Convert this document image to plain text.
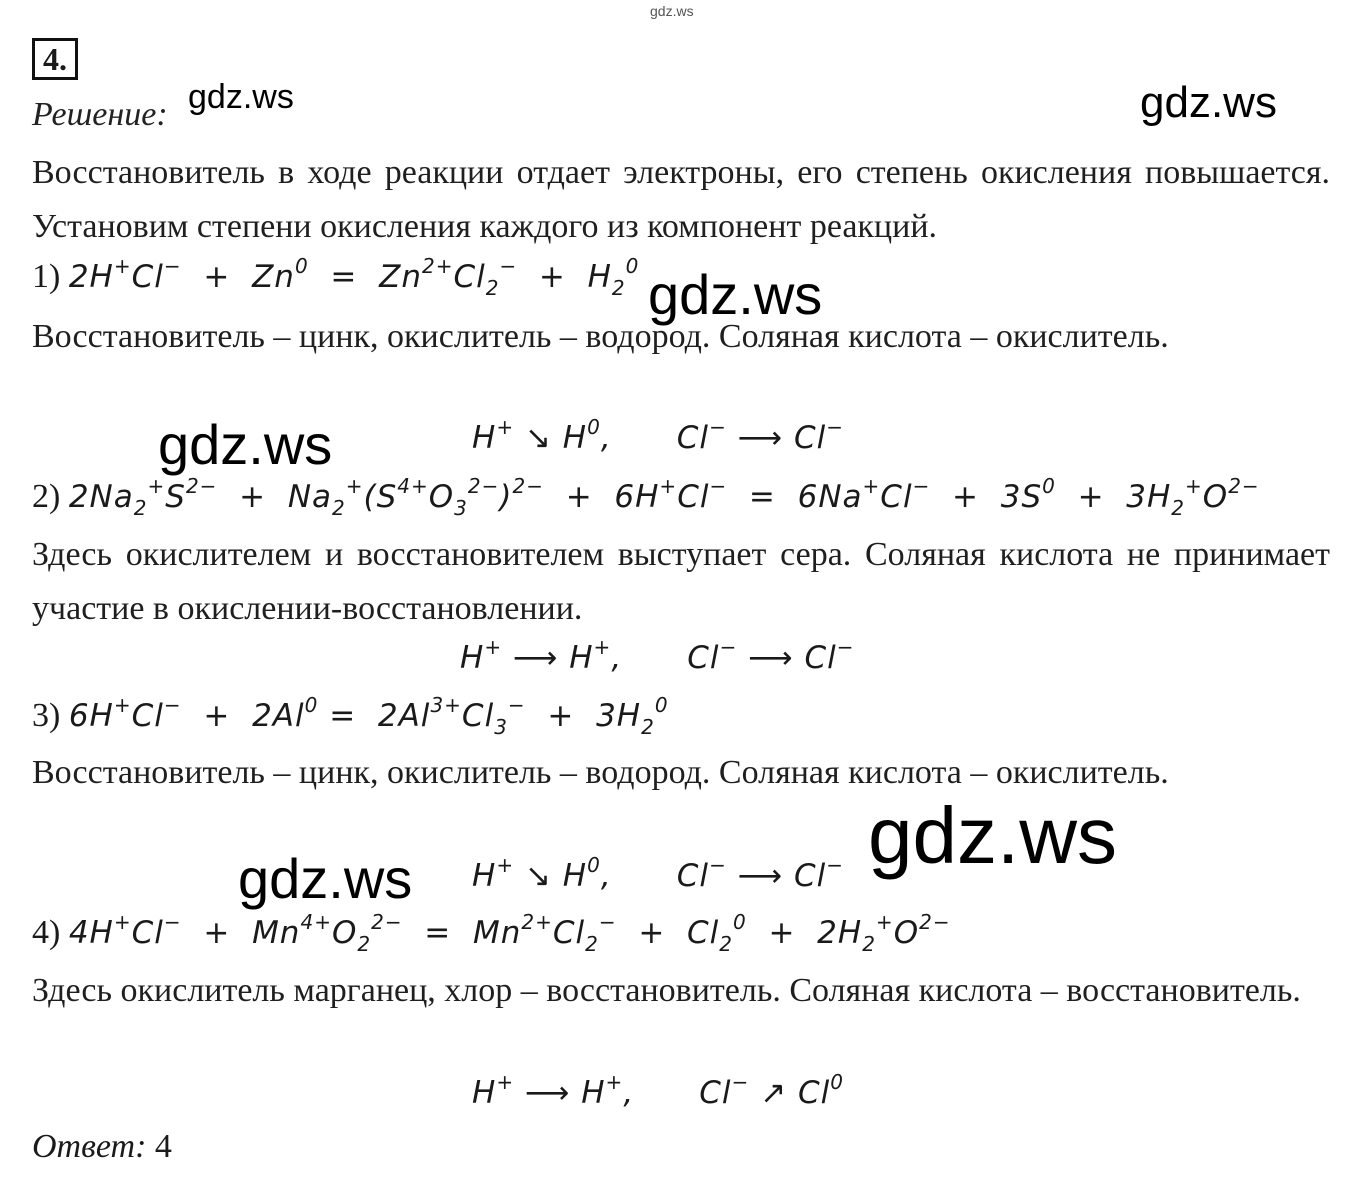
gdz.ws
4.
Решение:
Восстановитель в ходе реакции отдает электроны, его степень окисления повышается. Установим степени окисления каждого из компонент реакций.
1) $2H^+Cl^- + Zn^0 = Zn^{2+}Cl_2^- + H_2^0$
Восстановитель – цинк, окислитель – водород. Соляная кислота – окислитель.
H+ ↘ $H^0$,      Cl− ⟶ Cl−
2) $2Na_2^+S^{2-} + Na_2^+(S^{4+}O_3^{2-})^{2-} + 6H^+Cl^- = 6Na^+Cl^- + 3S^0 + 3H_2^+O^{2-}$
Здесь окислителем и восстановителем выступает сера. Соляная кислота не принимает участие в окислении-восстановлении.
H+ ⟶ H+,      Cl− ⟶ Cl−
3) $6H^+Cl^- + 2Al^0 = 2Al^{3+}Cl_3^- + 3H_2^0$
Восстановитель – цинк, окислитель – водород. Соляная кислота – окислитель.
H+ ↘ $H^0$,      Cl− ⟶ Cl−
4) $4H^+Cl^- + Mn^{4+}O_2^{2-} = Mn^{2+}Cl_2^- + Cl_2^0 + 2H_2^+O^{2-}$
Здесь окислитель марганец, хлор – восстановитель. Соляная кислота – восстановитель.
H+ ⟶ H+,      Cl− ↗ Cl$^0$
Ответ: 4
gdz.ws	gdz.ws
gdz.ws
gdz.ws
gdz.ws
gdz.ws
